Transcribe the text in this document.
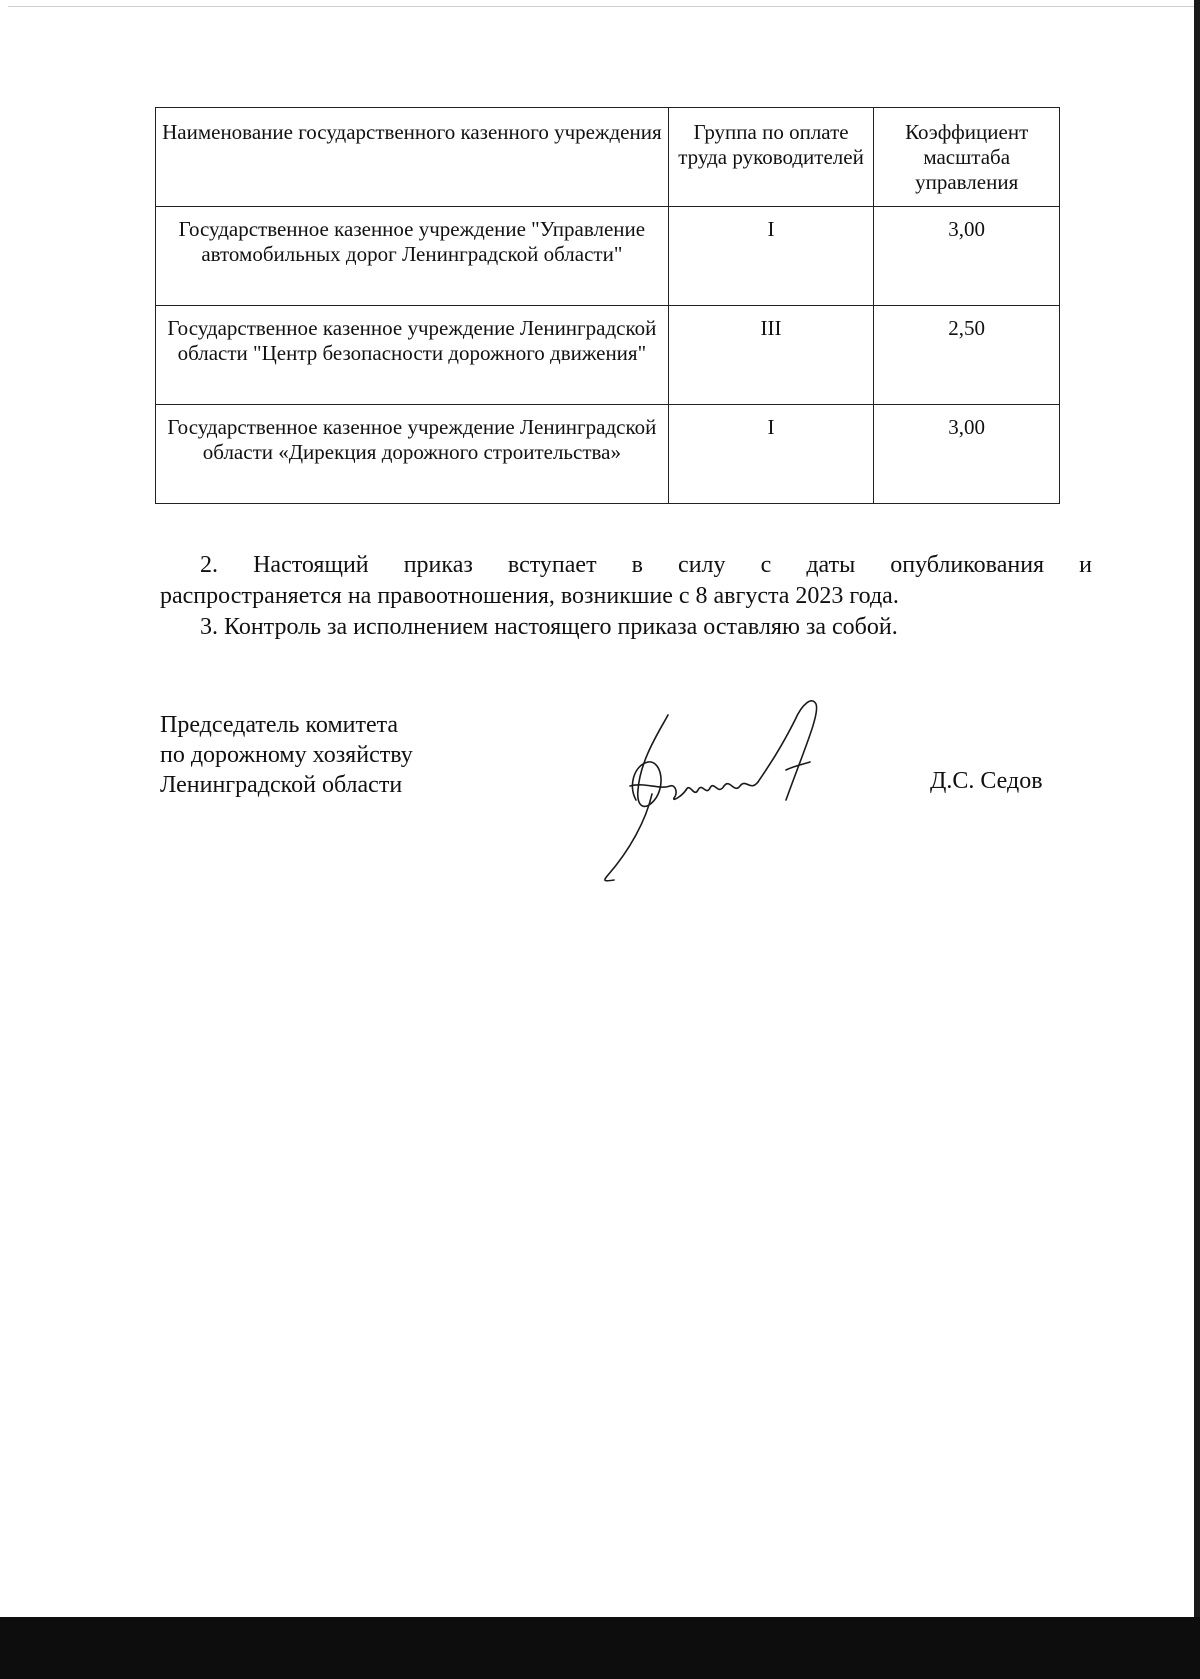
Наименование государственного казенного учреждения	Группа по оплате труда руководителей	Коэффициент масштаба управления
Государственное казенное учреждение "Управление автомобильных дорог Ленинградской области"	I	3,00
Государственное казенное учреждение Ленинградской области "Центр безопасности дорожного движения"	III	2,50
Государственное казенное учреждение Ленинградской области «Дирекция дорожного строительства»	I	3,00
2. Настоящий приказ вступает в силу с даты опубликования и
распространяется на правоотношения, возникшие с 8 августа 2023 года.
3. Контроль за исполнением настоящего приказа оставляю за собой.
Председатель комитета
по дорожному хозяйству
Ленинградской области	Д.С. Седов
